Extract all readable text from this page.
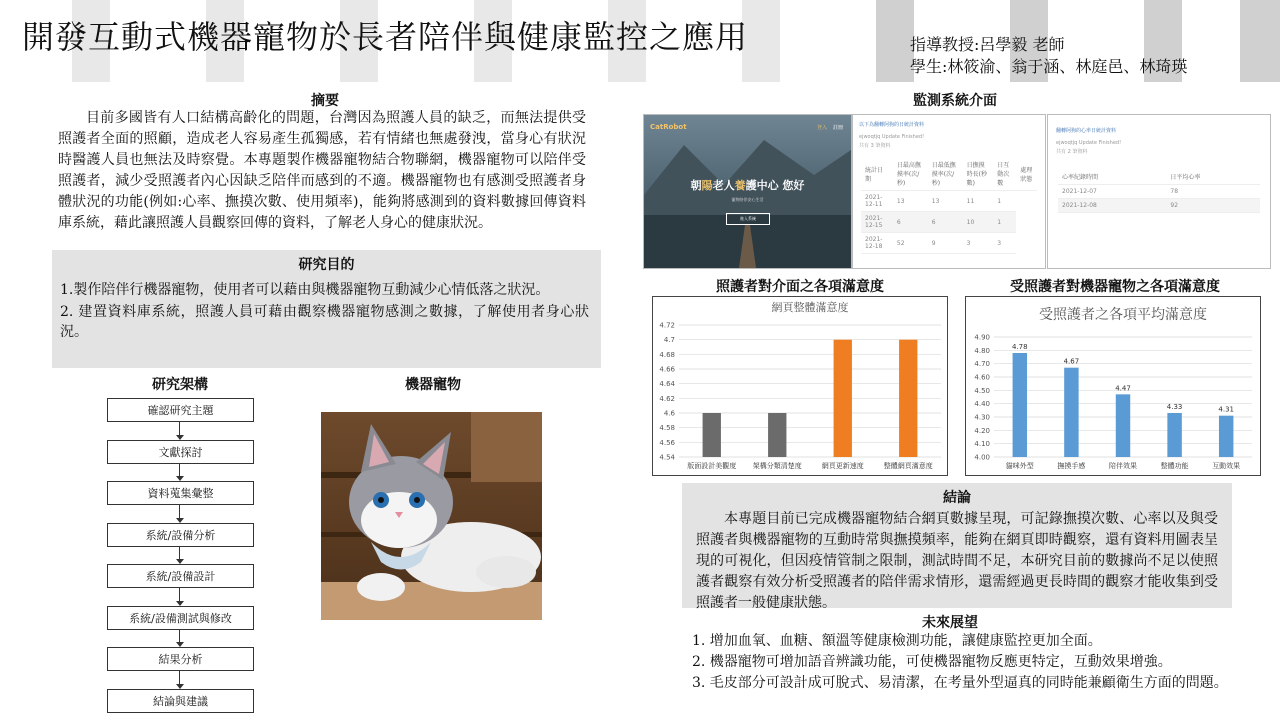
開發互動式機器寵物於長者陪伴與健康監控之應用	指導教授:呂學毅 老師
學生:林筱渝、翁于涵、林庭邑、林琦瑛
摘要
目前多國皆有人口結構高齡化的問題，台灣因為照護人員的缺乏，而無法提供受照護者全面的照顧，造成老人容易產生孤獨感，若有情緒也無處發洩，當身心有狀況時醫護人員也無法及時察覺。本專題製作機器寵物結合物聯網，機器寵物可以陪伴受照護者，減少受照護者內心因缺乏陪伴而感到的不適。機器寵物也有感測受照護者身體狀況的功能(例如:心率、撫摸次數、使用頻率)，能夠將感測到的資料數據回傳資料庫系統，藉此讓照護人員觀察回傳的資料，了解老人身心的健康狀況。
研究目的
1.製作陪伴行機器寵物，使用者可以藉由與機器寵物互動減少心情低落之狀況。
2. 建置資料庫系統，照護人員可藉由觀察機器寵物感測之數據，了解使用者身心狀況。
研究架構
確認研究主題
文獻探討
資料蒐集彙整
系統/設備分析
系統/設備設計
系統/設備測試與修改
結果分析
結論與建議
機器寵物
監測系統介面
CatRobot	登入 註冊
朝陽老人養護中心 您好
寵物陪伴安心生活
進入系統
以下為翻轉阿狗的日統計資料
ejwoqtjq Update Finished!
共有 3 筆資料
統計日期	日最高撫摸率(次/秒)	日最低撫摸率(次/秒)	日撫摸時長(秒數)	日互動次數	處理狀態
2021-12-11	13	13	11	1	
2021-12-15	6	6	10	1	
2021-12-18	52	9	3	3	
翻轉阿狗的心率日統計資料
ejwoqtjq Update Finished!
共有 2 筆資料
心率紀錄時間	日平均心率
2021-12-07	78
2021-12-08	92
照護者對介面之各項滿意度	受照護者對機器寵物之各項滿意度
網頁整體滿意度
4.54
4.56
4.58
4.6
4.62
4.64
4.66
4.68
4.7
4.72
版面設計美觀度 架構分類清楚度	網頁更新速度	整體網頁滿意度
受照護者之各項平均滿意度
4.00
4.10
4.20
4.30
4.40
4.50
4.60
4.70
4.80
4.90
貓咪外型
4.78
撫摸手感
4.67
陪伴效果
4.47
整體功能
4.33
互動效果
4.31
結論
本專題目前已完成機器寵物結合網頁數據呈現，可記錄撫摸次數、心率以及與受照護者與機器寵物的互動時常與撫摸頻率，能夠在網頁即時觀察，還有資料用圖表呈現的可視化，但因疫情管制之限制，測試時間不足，本研究目前的數據尚不足以使照護者觀察有效分析受照護者的陪伴需求情形，還需經過更長時間的觀察才能收集到受照護者一般健康狀態。
未來展望
1. 增加血氧、血糖、額溫等健康檢測功能，讓健康監控更加全面。
2. 機器寵物可增加語音辨識功能，可使機器寵物反應更特定，互動效果增強。
3. 毛皮部分可設計成可脫式、易清潔，在考量外型逼真的同時能兼顧衛生方面的問題。
